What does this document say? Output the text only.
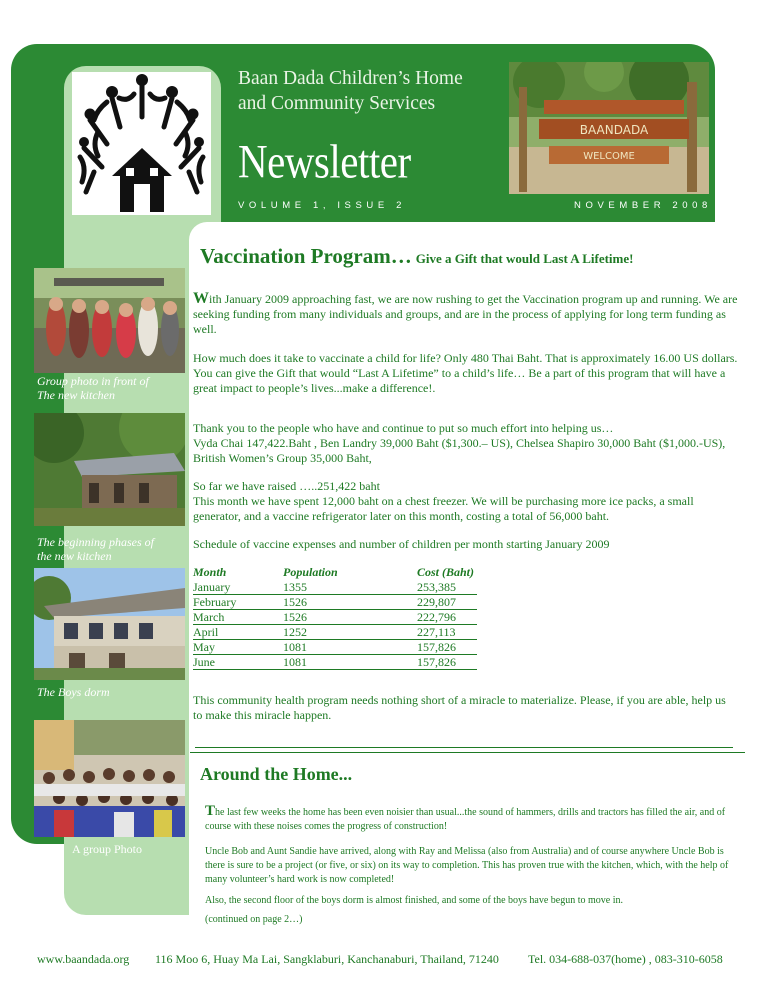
Baan Dada Children’s Home
and Community Services
Newsletter
VOLUME 1, ISSUE 2	NOVEMBER 2008
BAANDADA
WELCOME
Group photo in front of
The new kitchen
The beginning phases of
the new kitchen
The Boys dorm
A group Photo
Vaccination Program… Give a Gift that would Last A Lifetime!
With January 2009 approaching fast, we are now rushing to get the Vaccination program up and running. We are seeking funding from many individuals and groups, and are in the process of applying for long term funding as well.
How much does it take to vaccinate a child for life? Only 480 Thai Baht. That is approximately 16.00 US dollars.
You can give the Gift that would “Last A Lifetime” to a child’s life… Be a part of this program that will have a great impact to people’s lives...make a difference!.
Thank you to the people who have and continue to put so much effort into helping us…
Vyda Chai 147,422.Baht , Ben Landry 39,000 Baht ($1,300.– US), Chelsea Shapiro 30,000 Baht ($1,000.-US), British Women’s Group 35,000 Baht,
So far we have raised …..251,422 baht
This month we have spent 12,000 baht on a chest freezer. We will be purchasing more ice packs, a small generator, and a vaccine refrigerator later on this month, costing a total of 56,000 baht.
Schedule of vaccine expenses and number of children per month starting January 2009
Month	Population	Cost (Baht)
January	1355	253,385
February	1526	229,807
March	1526	222,796
April	1252	227,113
May	1081	157,826
June	1081	157,826
This community health program needs nothing short of a miracle to materialize. Please, if you are able, help us to make this miracle happen.
Around the Home...
The last few weeks the home has been even noisier than usual...the sound of hammers, drills and tractors has filled the air, and of course with these noises comes the progress of construction!
Uncle Bob and Aunt Sandie have arrived, along with Ray and Melissa (also from Australia) and of course anywhere Uncle Bob is there is sure to be a project (or five, or six) on its way to completion. This has proven true with the kitchen, which, with the help of many volunteer’s hard work is now completed!
Also, the second floor of the boys dorm is almost finished, and some of the boys have begun to move in.
(continued on page 2…)
www.baandada.org 116 Moo 6, Huay Ma Lai, Sangklaburi, Kanchanaburi, Thailand, 71240 Tel. 034-688-037(home) , 083-310-6058
